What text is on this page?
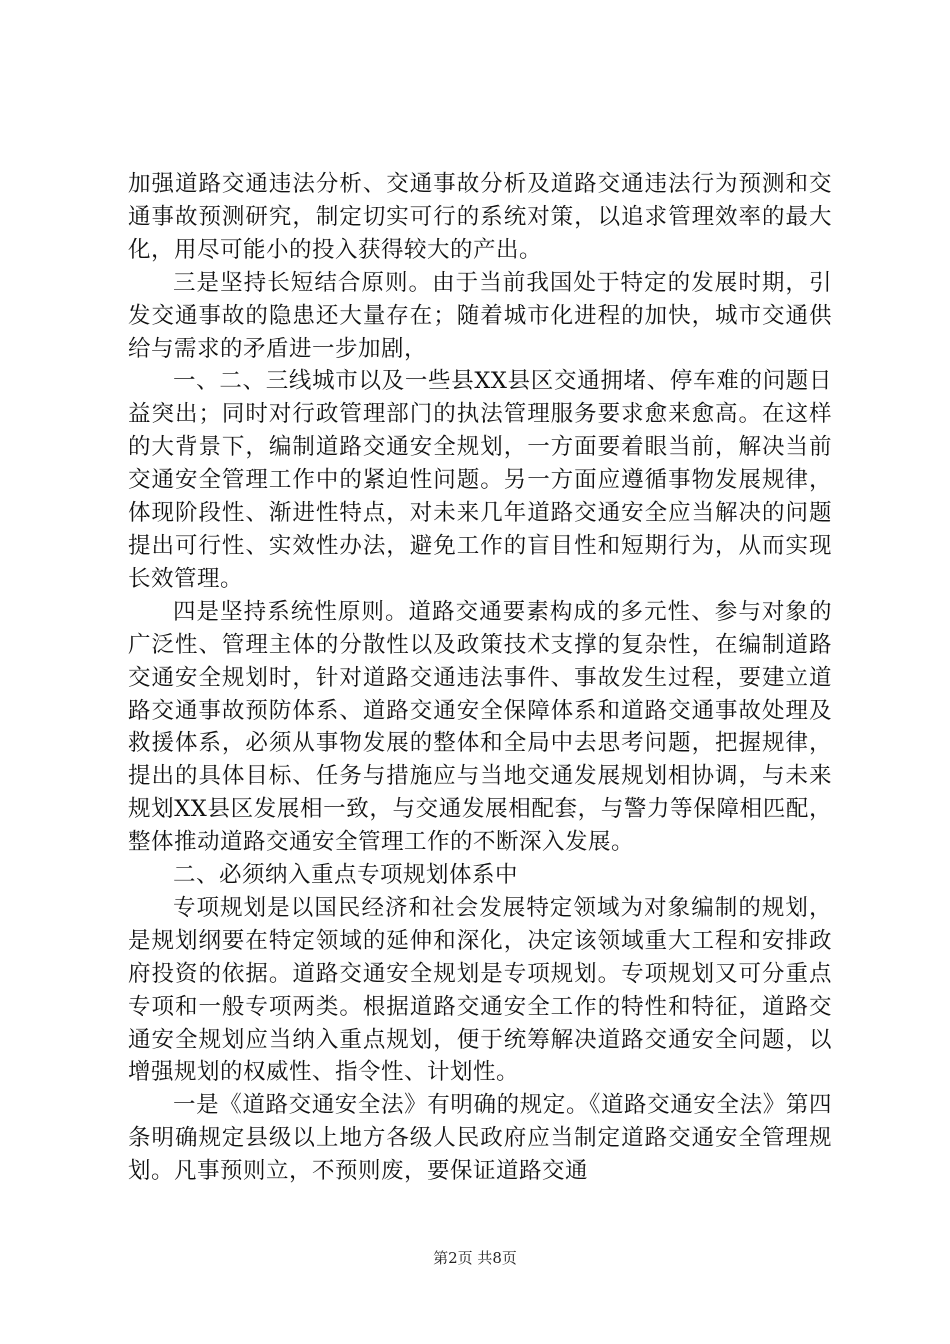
加强道路交通违法分析、交通事故分析及道路交通违法行为预测和交通事故预测研究，制定切实可行的系统对策，以追求管理效率的最大化，用尽可能小的投入获得较大的产出。

三是坚持长短结合原则。由于当前我国处于特定的发展时期，引发交通事故的隐患还大量存在；随着城市化进程的加快，城市交通供给与需求的矛盾进一步加剧，

一、二、三线城市以及一些县XX县区交通拥堵、停车难的问题日益突出；同时对行政管理部门的执法管理服务要求愈来愈高。在这样的大背景下，编制道路交通安全规划，一方面要着眼当前，解决当前交通安全管理工作中的紧迫性问题。另一方面应遵循事物发展规律，体现阶段性、渐进性特点，对未来几年道路交通安全应当解决的问题提出可行性、实效性办法，避免工作的盲目性和短期行为，从而实现长效管理。

四是坚持系统性原则。道路交通要素构成的多元性、参与对象的广泛性、管理主体的分散性以及政策技术支撑的复杂性，在编制道路交通安全规划时，针对道路交通违法事件、事故发生过程，要建立道路交通事故预防体系、道路交通安全保障体系和道路交通事故处理及救援体系，必须从事物发展的整体和全局中去思考问题，把握规律，提出的具体目标、任务与措施应与当地交通发展规划相协调，与未来规划XX县区发展相一致，与交通发展相配套，与警力等保障相匹配，整体推动道路交通安全管理工作的不断深入发展。

二、必须纳入重点专项规划体系中

专项规划是以国民经济和社会发展特定领域为对象编制的规划，是规划纲要在特定领域的延伸和深化，决定该领域重大工程和安排政府投资的依据。道路交通安全规划是专项规划。专项规划又可分重点专项和一般专项两类。根据道路交通安全工作的特性和特征，道路交通安全规划应当纳入重点规划，便于统筹解决道路交通安全问题，以增强规划的权威性、指令性、计划性。

一是《道路交通安全法》有明确的规定。《道路交通安全法》第四条明确规定县级以上地方各级人民政府应当制定道路交通安全管理规划。凡事预则立，不预则废，要保证道路交通

第2页 共8页
